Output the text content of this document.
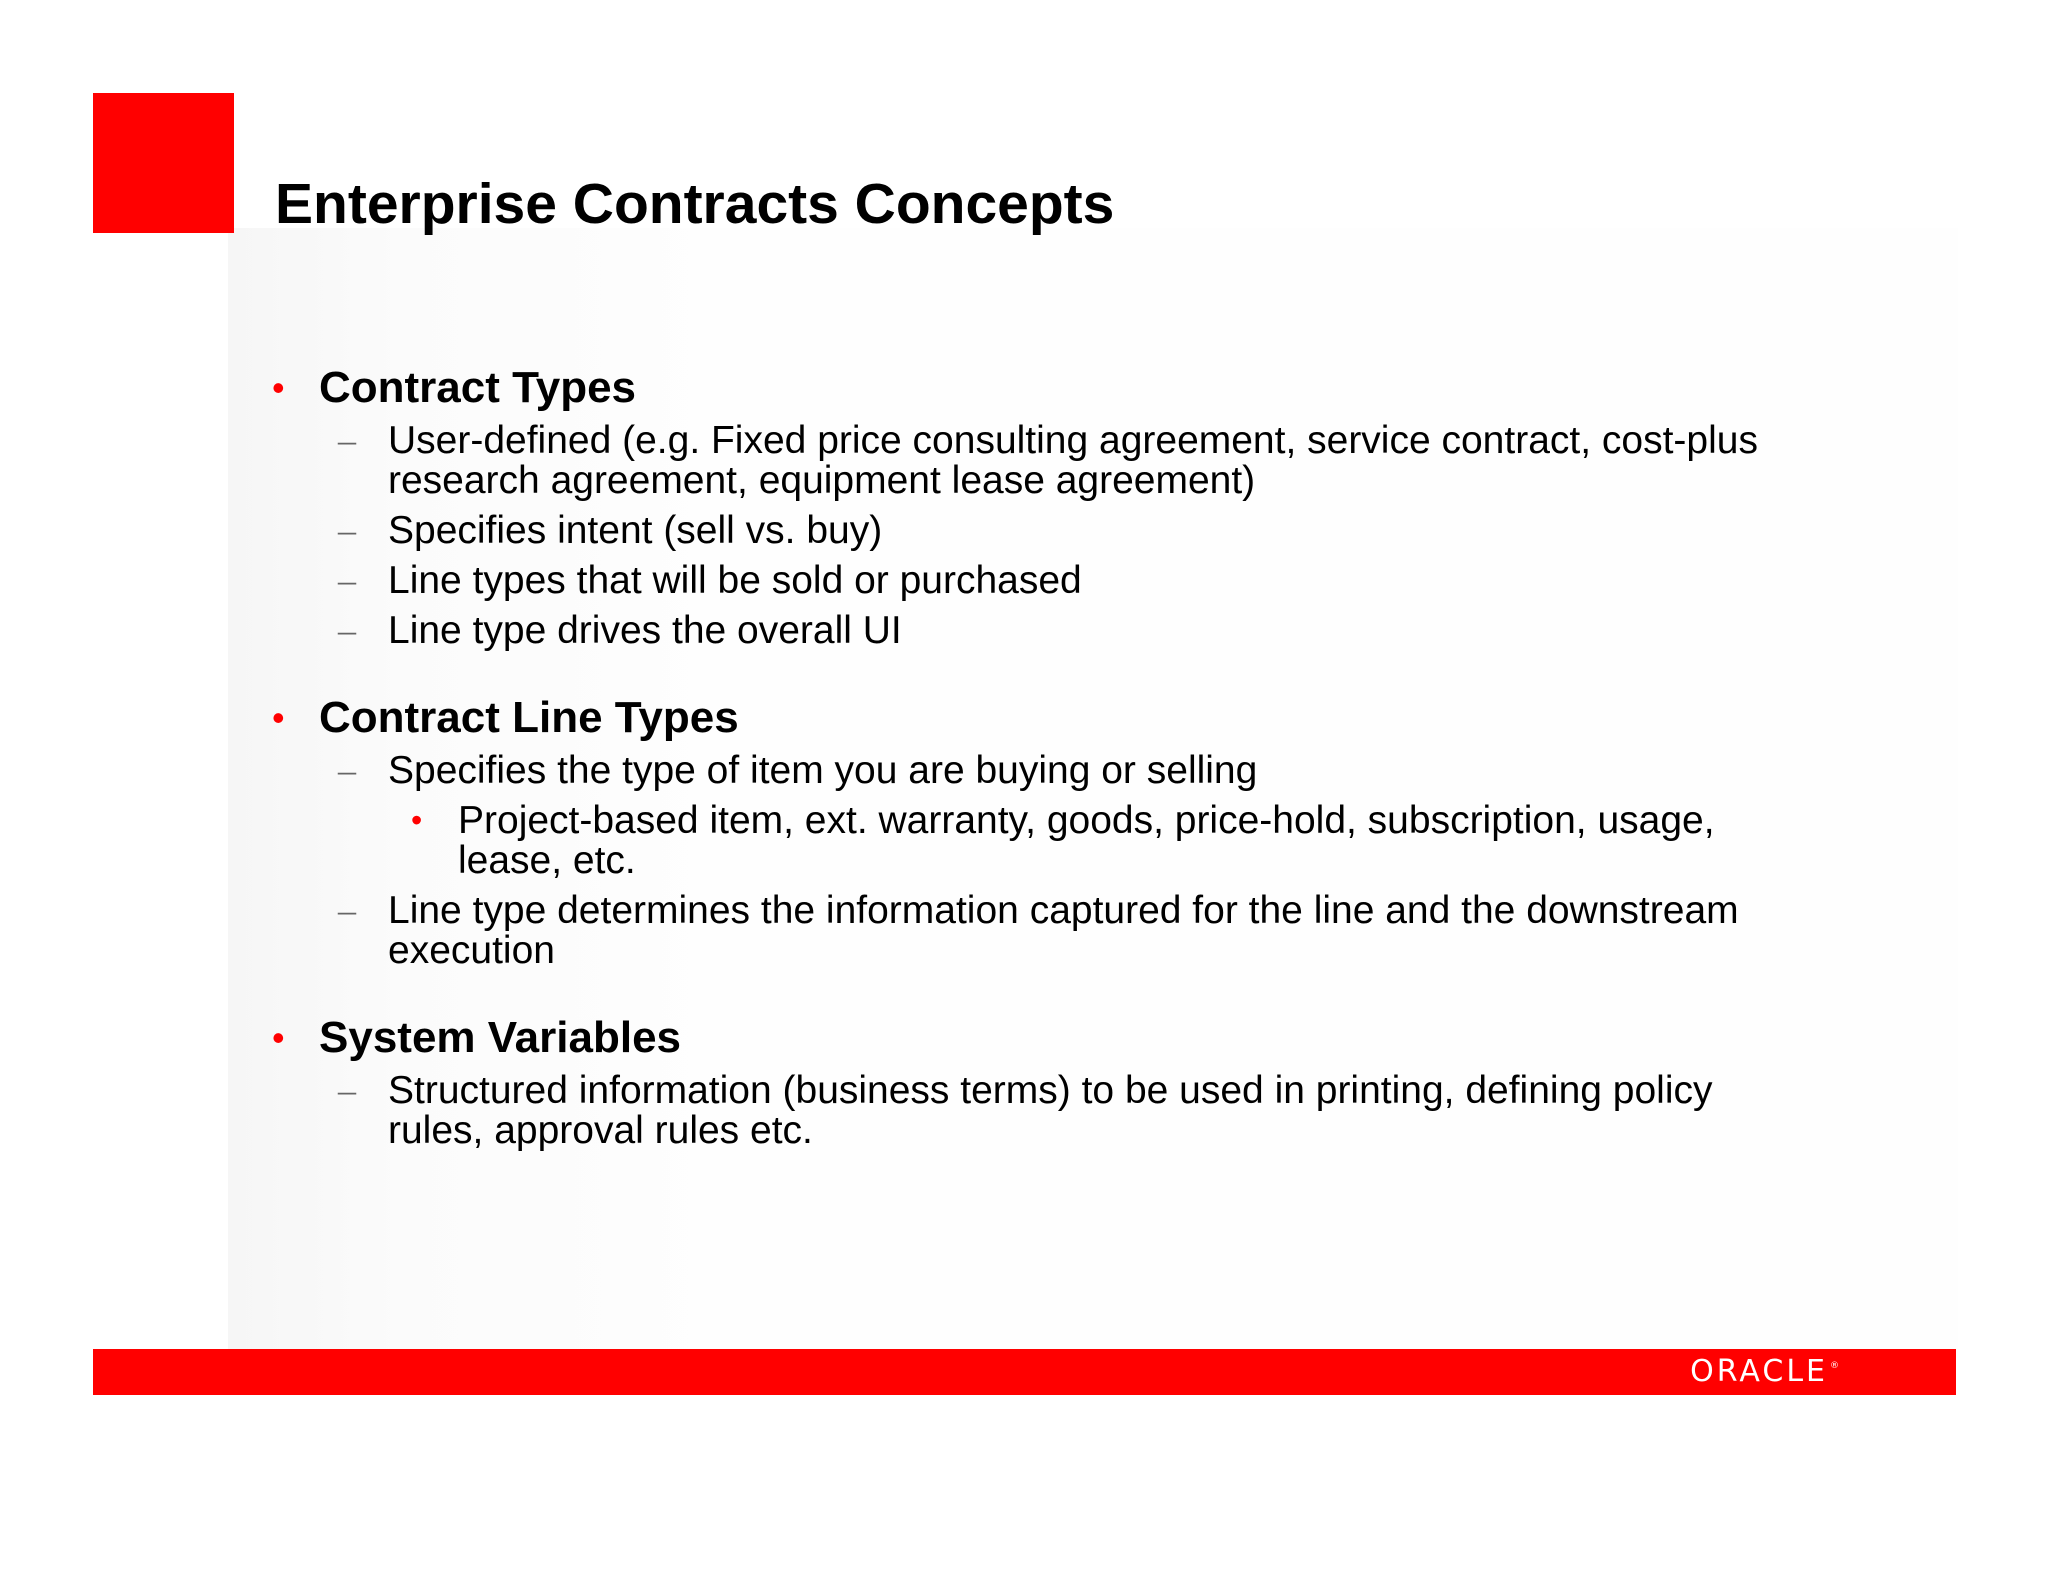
Enterprise Contracts Concepts
• Contract Types
– User-defined (e.g. Fixed price consulting agreement, service contract, cost-plus research agreement, equipment lease agreement)
– Specifies intent (sell vs. buy)
– Line types that will be sold or purchased
– Line type drives the overall UI
• Contract Line Types
– Specifies the type of item you are buying or selling
• Project-based item, ext. warranty, goods, price-hold, subscription, usage, lease, etc.
– Line type determines the information captured for the line and the downstream execution
• System Variables
– Structured information (business terms) to be used in printing, defining policy rules, approval rules etc.
ORACLE ®
